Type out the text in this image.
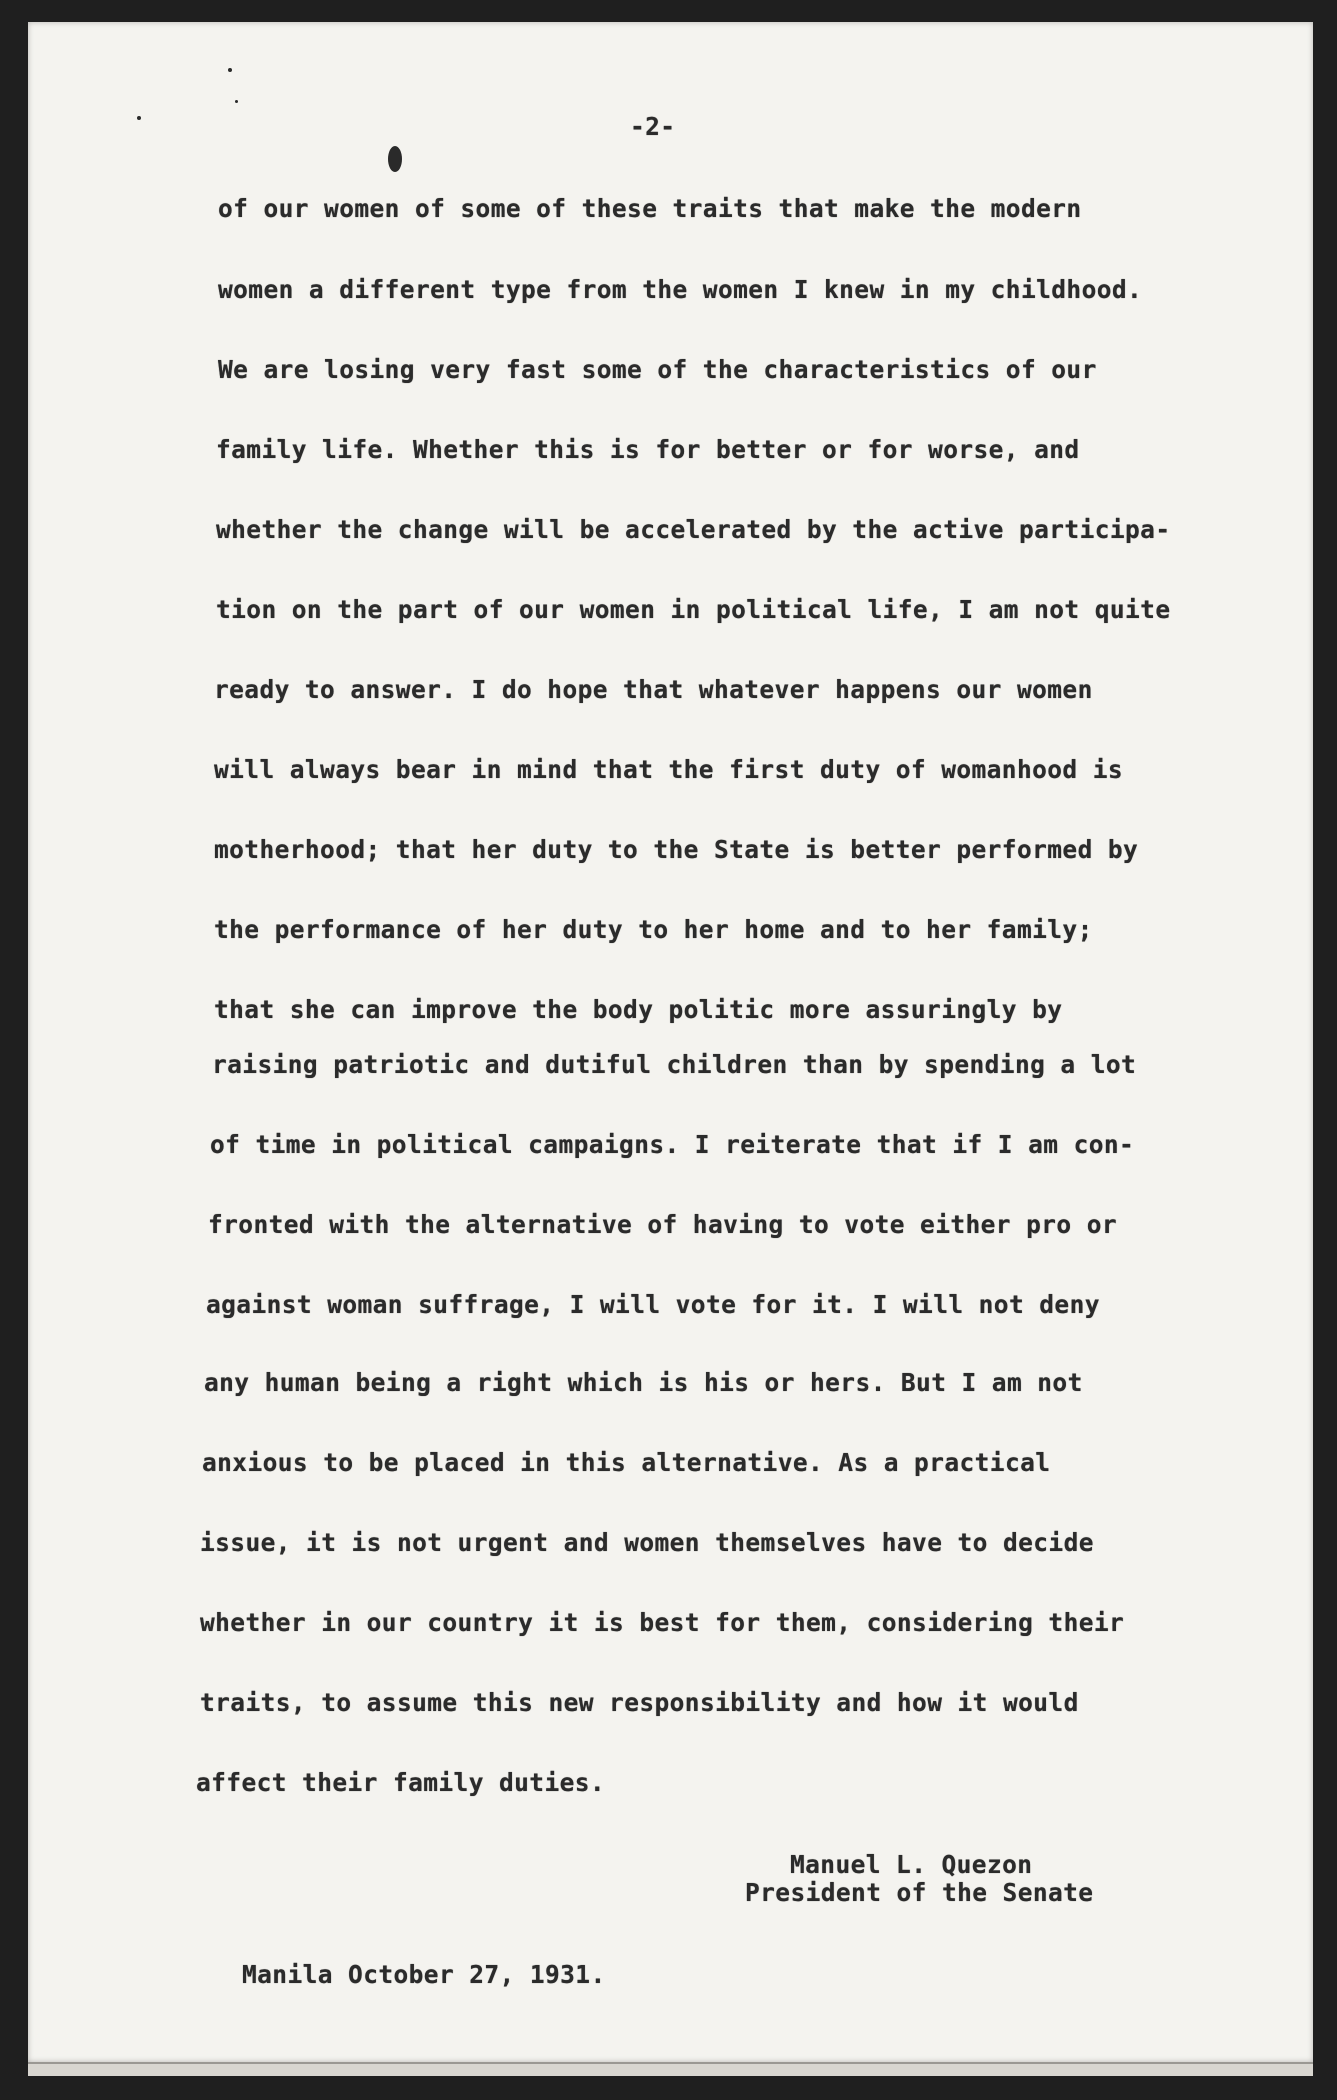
-2-
of our women of some of these traits that make the modern
women a different type from the women I knew in my childhood.
We are losing very fast some of the characteristics of our
family life. Whether this is for better or for worse, and
whether the change will be accelerated by the active participa-
tion on the part of our women in political life, I am not quite
ready to answer. I do hope that whatever happens our women
will always bear in mind that the first duty of womanhood is
motherhood; that her duty to the State is better performed by
the performance of her duty to her home and to her family;
that she can improve the body politic more assuringly by
raising patriotic and dutiful children than by spending a lot
of time in political campaigns. I reiterate that if I am con-
fronted with the alternative of having to vote either pro or
against woman suffrage, I will vote for it. I will not deny
any human being a right which is his or hers. But I am not
anxious to be placed in this alternative. As a practical
issue, it is not urgent and women themselves have to decide
whether in our country it is best for them, considering their
traits, to assume this new responsibility and how it would
affect their family duties.
Manuel L. Quezon
President of the Senate
Manila October 27, 1931.
